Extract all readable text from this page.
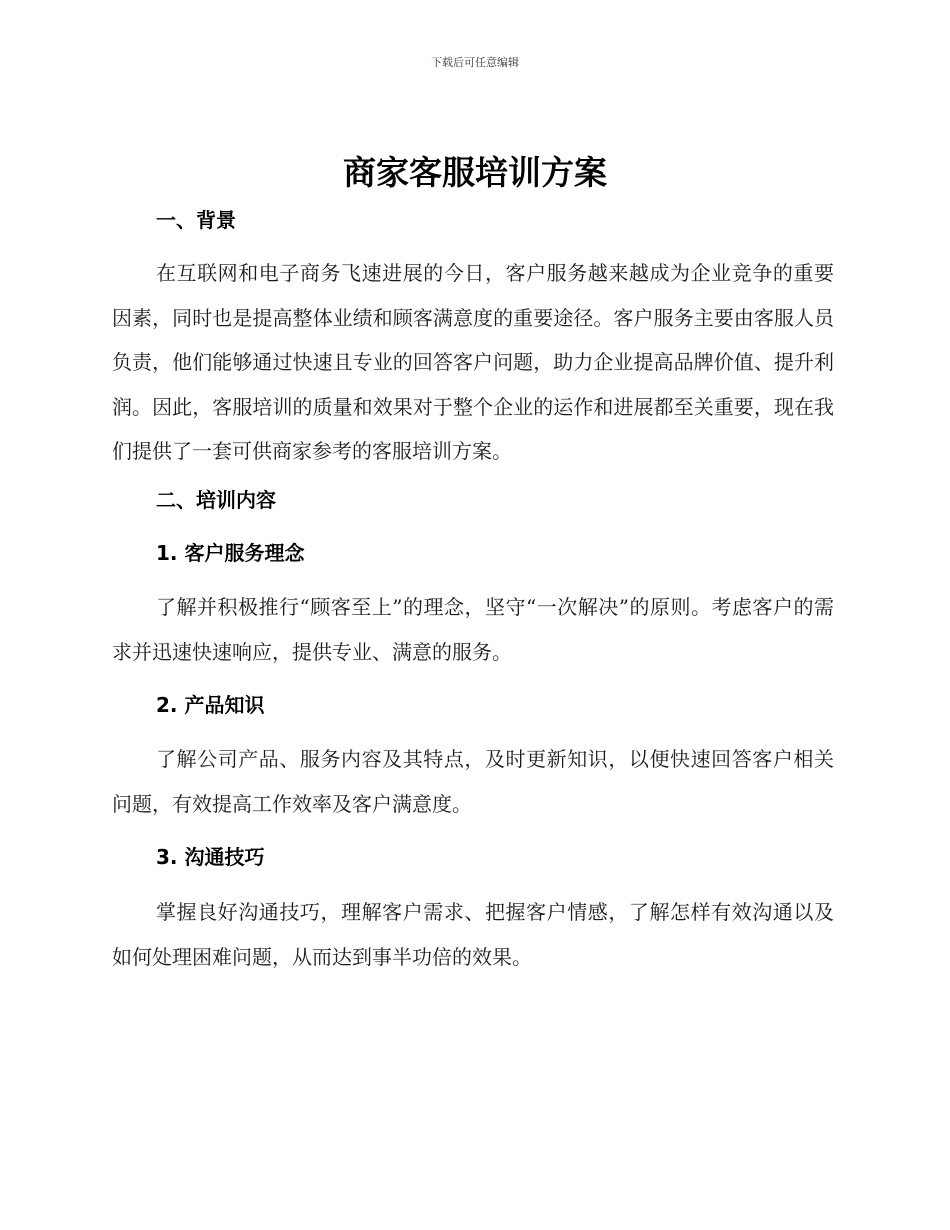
下载后可任意编辑
商家客服培训方案
一、背景

在互联网和电子商务飞速进展的今日，客户服务越来越成为企业竞争的重要因素，同时也是提高整体业绩和顾客满意度的重要途径。客户服务主要由客服人员负责，他们能够通过快速且专业的回答客户问题，助力企业提高品牌价值、提升利润。因此，客服培训的质量和效果对于整个企业的运作和进展都至关重要，现在我们提供了一套可供商家参考的客服培训方案。

二、培训内容
1. 客户服务理念

了解并积极推行“顾客至上”的理念，坚守“一次解决”的原则。考虑客户的需求并迅速快速响应，提供专业、满意的服务。

2. 产品知识

了解公司产品、服务内容及其特点，及时更新知识，以便快速回答客户相关问题，有效提高工作效率及客户满意度。

3. 沟通技巧

掌握良好沟通技巧，理解客户需求、把握客户情感，了解怎样有效沟通以及如何处理困难问题，从而达到事半功倍的效果。
